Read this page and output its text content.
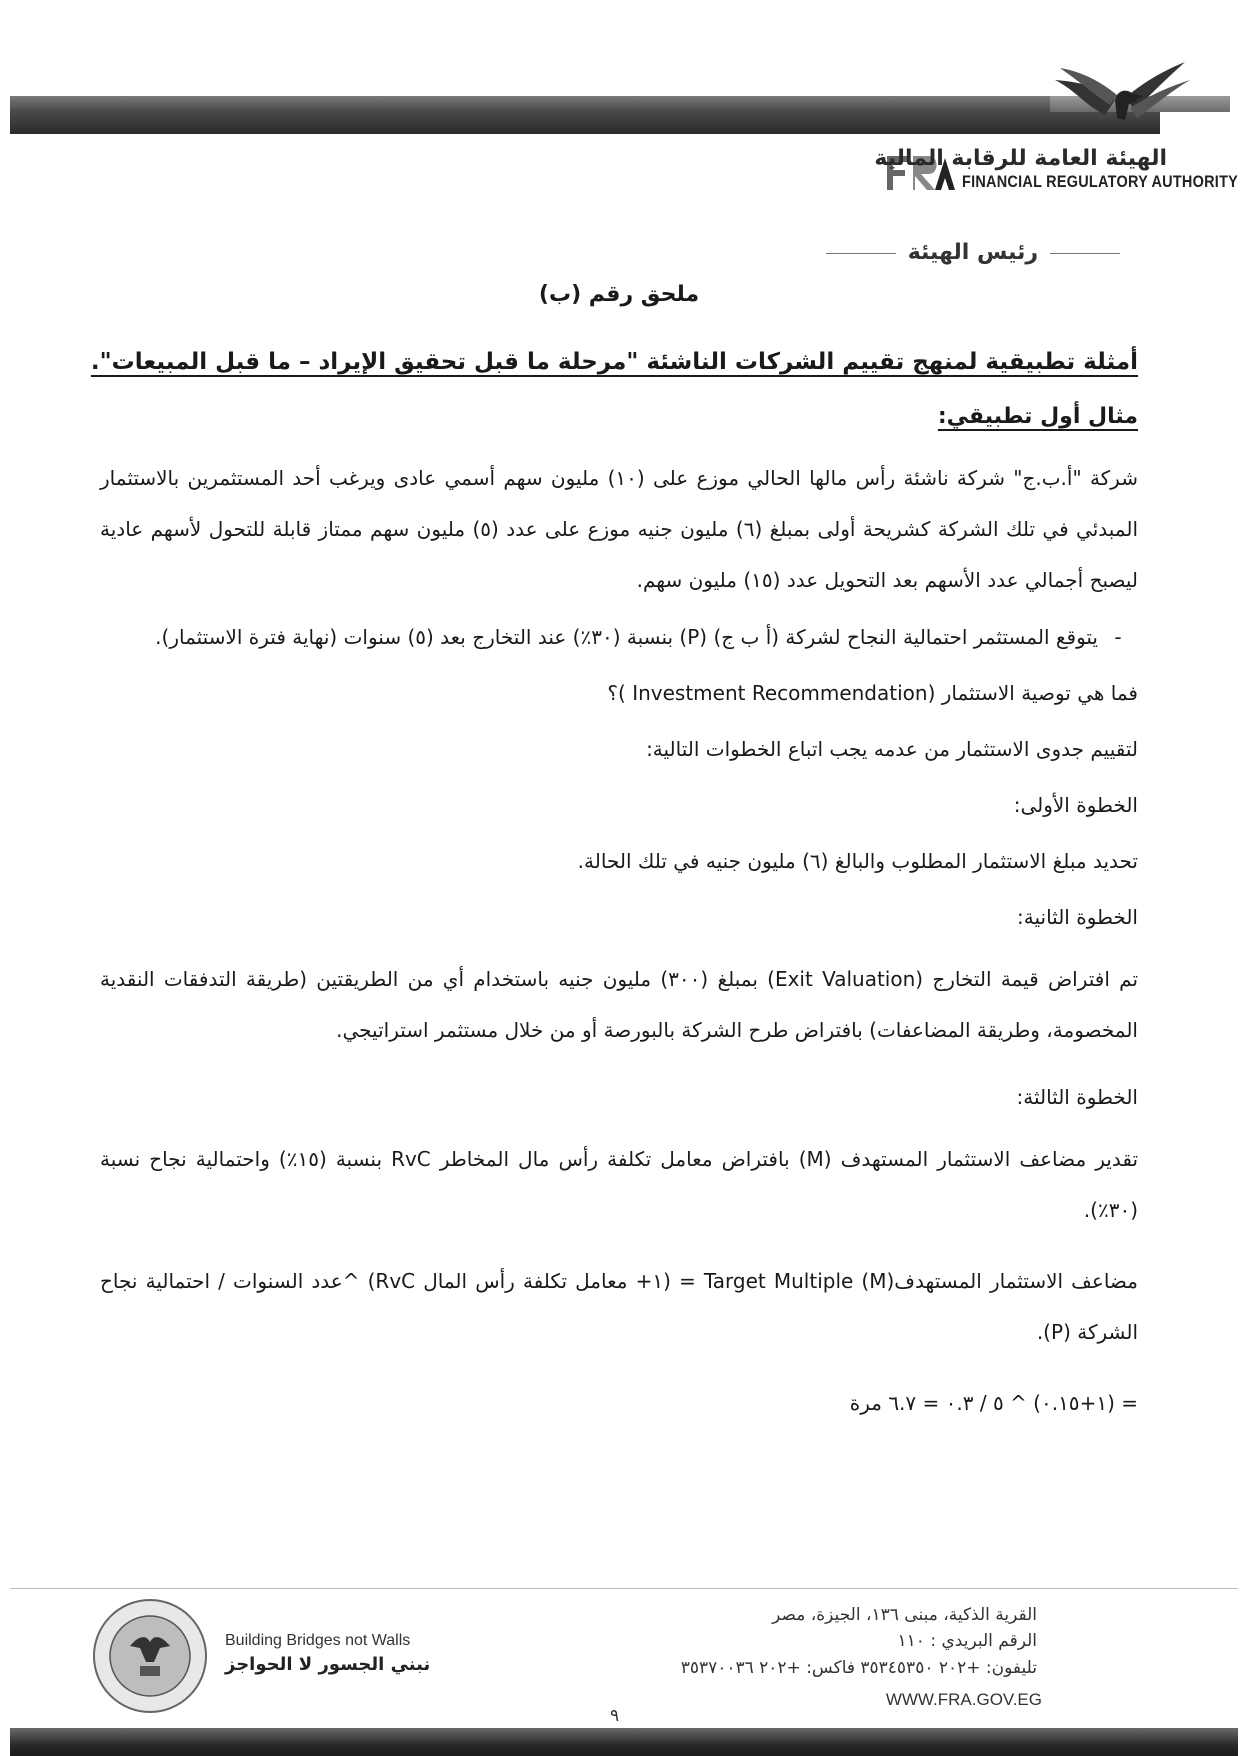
الهيئة العامة للرقابة المالية
FINANCIAL REGULATORY AUTHORITY
رئيس الهيئة
ملحق رقم (ب)
أمثلة تطبيقية لمنهج تقييم الشركات الناشئة "مرحلة ما قبل تحقيق الإيراد – ما قبل المبيعات".
مثال أول تطبيقي:
شركة "أ.ب.ج" شركة ناشئة رأس مالها الحالي موزع على (١٠) مليون سهم أسمي عادى ويرغب أحد المستثمرين بالاستثمار المبدئي في تلك الشركة كشريحة أولى بمبلغ (٦) مليون جنيه موزع على عدد (٥) مليون سهم ممتاز قابلة للتحول لأسهم عادية ليصبح أجمالي عدد الأسهم بعد التحويل عدد (١٥) مليون سهم.
-يتوقع المستثمر احتمالية النجاح لشركة (أ ب ج) (P) بنسبة (٣٠٪) عند التخارج بعد (٥) سنوات (نهاية فترة الاستثمار).
فما هي توصية الاستثمار (Investment Recommendation )؟
لتقييم جدوى الاستثمار من عدمه يجب اتباع الخطوات التالية:
الخطوة الأولى:
تحديد مبلغ الاستثمار المطلوب والبالغ (٦) مليون جنيه في تلك الحالة.
الخطوة الثانية:
تم افتراض قيمة التخارج (Exit Valuation) بمبلغ (٣٠٠) مليون جنيه باستخدام أي من الطريقتين (طريقة التدفقات النقدية المخصومة، وطريقة المضاعفات) بافتراض طرح الشركة بالبورصة أو من خلال مستثمر استراتيجي.
الخطوة الثالثة:
تقدير مضاعف الاستثمار المستهدف (M) بافتراض معامل تكلفة رأس مال المخاطر RvC بنسبة (١٥٪) واحتمالية نجاح نسبة (٣٠٪).
مضاعف الاستثمار المستهدفTarget Multiple (M) = (١+ معامل تكلفة رأس المال RvC) ^عدد السنوات / احتمالية نجاح الشركة (P).
= (١+٠.١٥) ^ ٥ / ٠.٣ = ٦.٧ مرة
Building Bridges not Walls
نبني الجسور لا الحواجز
القرية الذكية، مبنى ١٣٦، الجيزة، مصر
الرقم البريدي : ١١٠
تليفون: +٢٠٢ ٣٥٣٤٥٣٥٠ فاكس: +٢٠٢ ٣٥٣٧٠٠٣٦
WWW.FRA.GOV.EG
٩
